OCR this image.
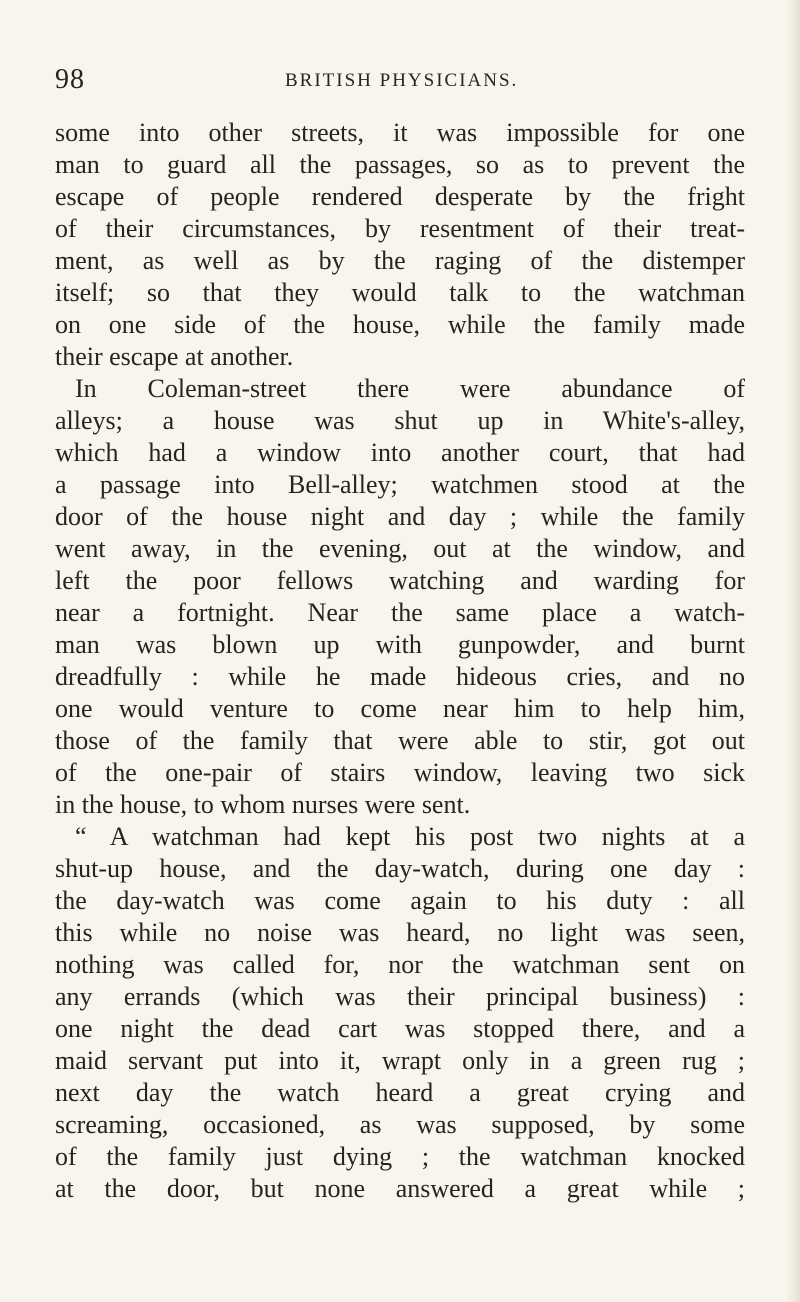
98	BRITISH PHYSICIANS.
some into other streets, it was impossible for one
man to guard all the passages, so as to prevent the
escape of people rendered desperate by the fright
of their circumstances, by resentment of their treat-
ment, as well as by the raging of the distemper
itself; so that they would talk to the watchman
on one side of the house, while the family made
their escape at another.
In Coleman-street there were abundance of
alleys; a house was shut up in White's-alley,
which had a window into another court, that had
a passage into Bell-alley; watchmen stood at the
door of the house night and day ; while the family
went away, in the evening, out at the window, and
left the poor fellows watching and warding for
near a fortnight. Near the same place a watch-
man was blown up with gunpowder, and burnt
dreadfully : while he made hideous cries, and no
one would venture to come near him to help him,
those of the family that were able to stir, got out
of the one-pair of stairs window, leaving two sick
in the house, to whom nurses were sent.
“ A watchman had kept his post two nights at a
shut-up house, and the day-watch, during one day :
the day-watch was come again to his duty : all
this while no noise was heard, no light was seen,
nothing was called for, nor the watchman sent on
any errands (which was their principal business) :
one night the dead cart was stopped there, and a
maid servant put into it, wrapt only in a green rug ;
next day the watch heard a great crying and
screaming, occasioned, as was supposed, by some
of the family just dying ; the watchman knocked
at the door, but none answered a great while ;
